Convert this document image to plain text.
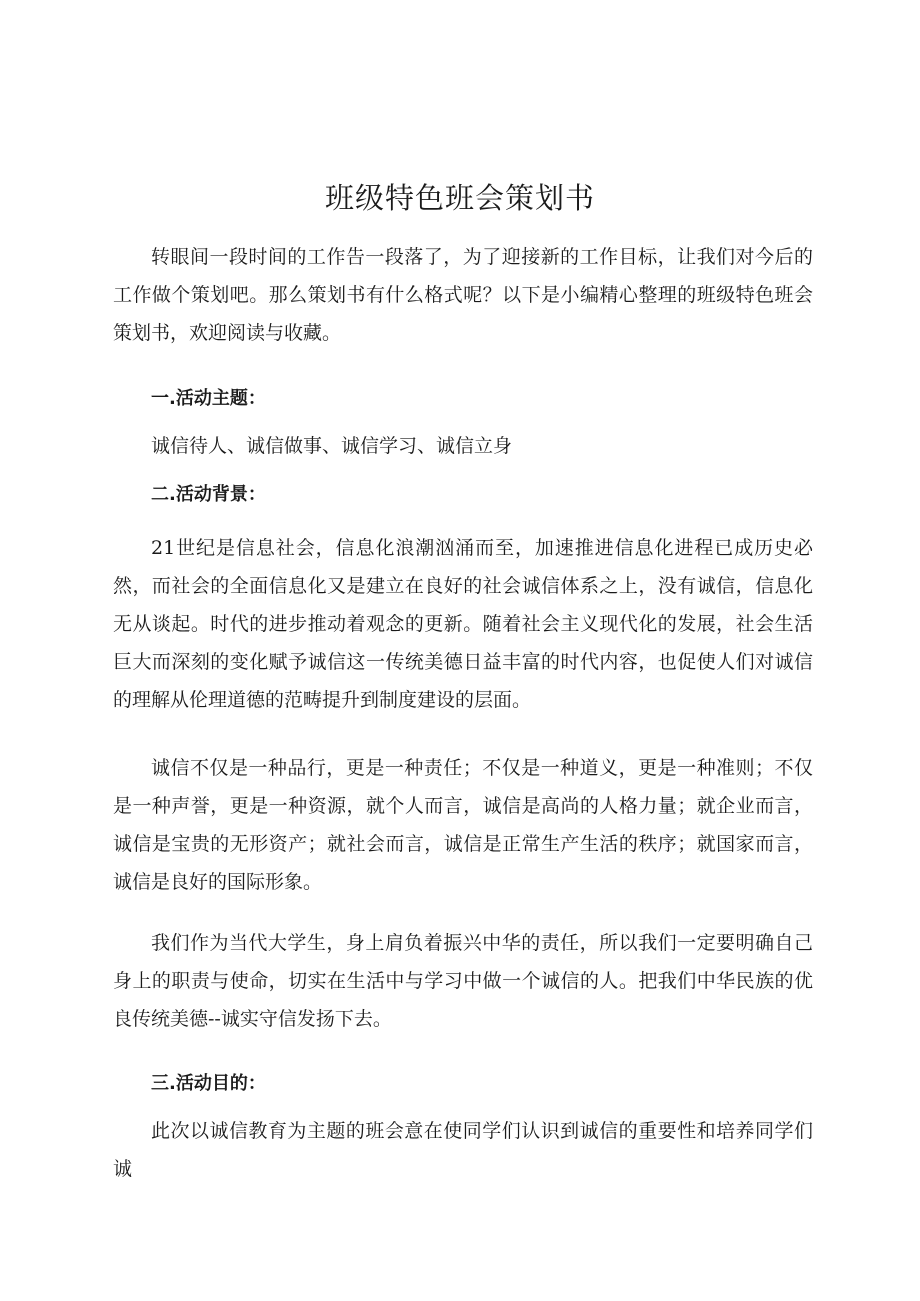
班级特色班会策划书

转眼间一段时间的工作告一段落了，为了迎接新的工作目标，让我们对今后的工作做个策划吧。那么策划书有什么格式呢？以下是小编精心整理的班级特色班会策划书，欢迎阅读与收藏。

一.活动主题：

诚信待人、诚信做事、诚信学习、诚信立身

二.活动背景：

21世纪是信息社会，信息化浪潮汹涌而至，加速推进信息化进程已成历史必然，而社会的全面信息化又是建立在良好的社会诚信体系之上，没有诚信，信息化无从谈起。时代的进步推动着观念的更新。随着社会主义现代化的发展，社会生活巨大而深刻的变化赋予诚信这一传统美德日益丰富的时代内容，也促使人们对诚信的理解从伦理道德的范畴提升到制度建设的层面。

诚信不仅是一种品行，更是一种责任；不仅是一种道义，更是一种准则；不仅是一种声誉，更是一种资源，就个人而言，诚信是高尚的人格力量；就企业而言，诚信是宝贵的无形资产；就社会而言，诚信是正常生产生活的秩序；就国家而言，诚信是良好的国际形象。

我们作为当代大学生，身上肩负着振兴中华的责任，所以我们一定要明确自己身上的职责与使命，切实在生活中与学习中做一个诚信的人。把我们中华民族的优良传统美德--诚实守信发扬下去。

三.活动目的：

此次以诚信教育为主题的班会意在使同学们认识到诚信的重要性和培养同学们诚
